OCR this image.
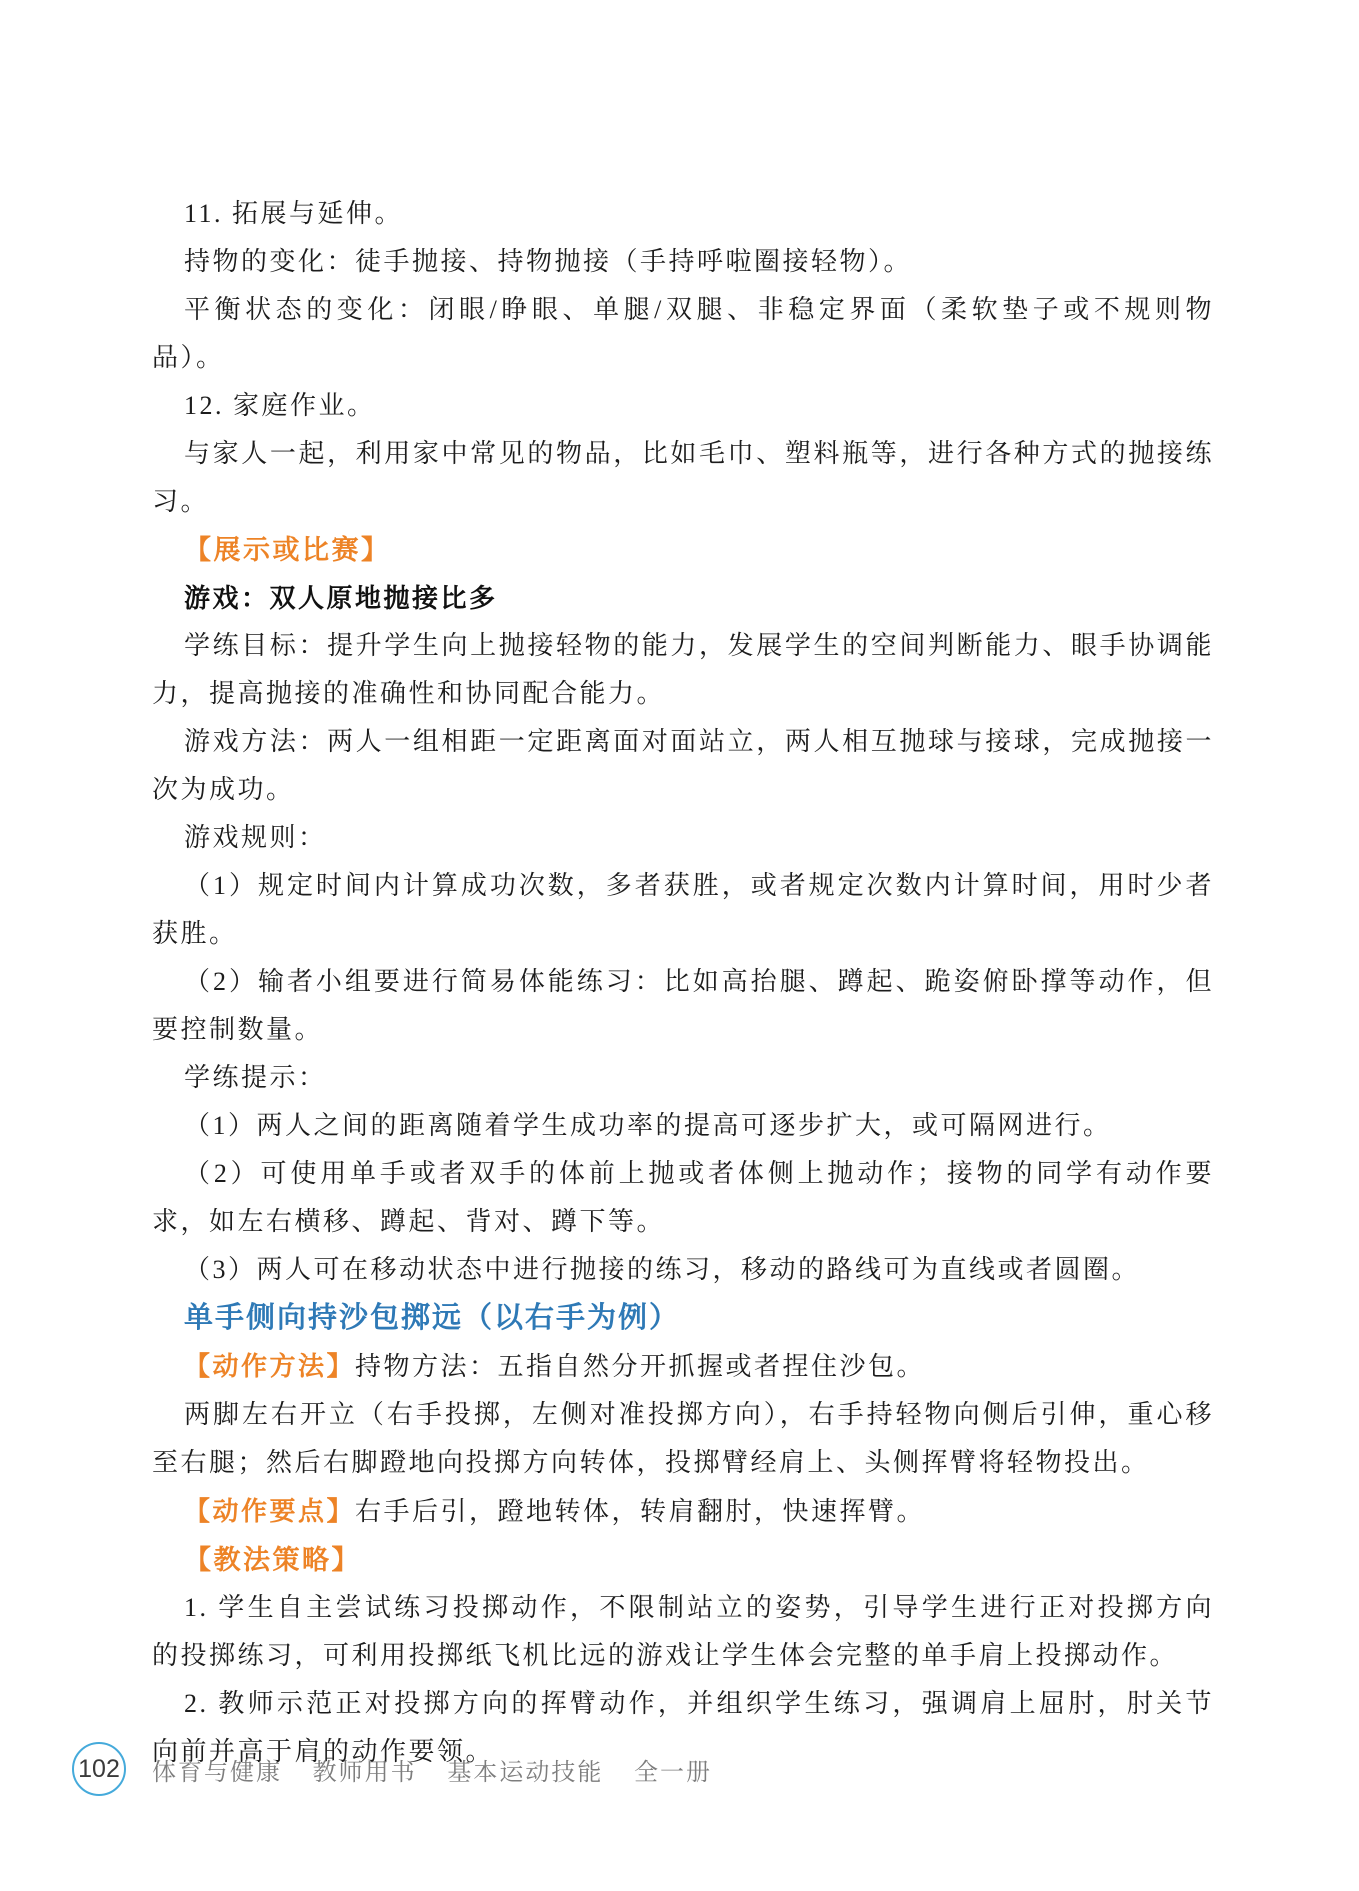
11. 拓展与延伸。

持物的变化：徒手抛接、持物抛接（手持呼啦圈接轻物）。

平衡状态的变化：闭眼/睁眼、单腿/双腿、非稳定界面（柔软垫子或不规则物品）。

12. 家庭作业。

与家人一起，利用家中常见的物品，比如毛巾、塑料瓶等，进行各种方式的抛接练习。

【展示或比赛】

游戏：双人原地抛接比多

学练目标：提升学生向上抛接轻物的能力，发展学生的空间判断能力、眼手协调能力，提高抛接的准确性和协同配合能力。

游戏方法：两人一组相距一定距离面对面站立，两人相互抛球与接球，完成抛接一次为成功。

游戏规则：

（1）规定时间内计算成功次数，多者获胜，或者规定次数内计算时间，用时少者获胜。

（2）输者小组要进行简易体能练习：比如高抬腿、蹲起、跪姿俯卧撑等动作，但要控制数量。

学练提示：

（1）两人之间的距离随着学生成功率的提高可逐步扩大，或可隔网进行。

（2）可使用单手或者双手的体前上抛或者体侧上抛动作；接物的同学有动作要求，如左右横移、蹲起、背对、蹲下等。

（3）两人可在移动状态中进行抛接的练习，移动的路线可为直线或者圆圈。

单手侧向持沙包掷远（以右手为例）

【动作方法】持物方法：五指自然分开抓握或者捏住沙包。

两脚左右开立（右手投掷，左侧对准投掷方向），右手持轻物向侧后引伸，重心移至右腿；然后右脚蹬地向投掷方向转体，投掷臂经肩上、头侧挥臂将轻物投出。

【动作要点】右手后引，蹬地转体，转肩翻肘，快速挥臂。

【教法策略】

1. 学生自主尝试练习投掷动作，不限制站立的姿势，引导学生进行正对投掷方向的投掷练习，可利用投掷纸飞机比远的游戏让学生体会完整的单手肩上投掷动作。

2. 教师示范正对投掷方向的挥臂动作，并组织学生练习，强调肩上屈肘，肘关节向前并高于肩的动作要领。

102 体育与健康 教师用书 基本运动技能 全一册
